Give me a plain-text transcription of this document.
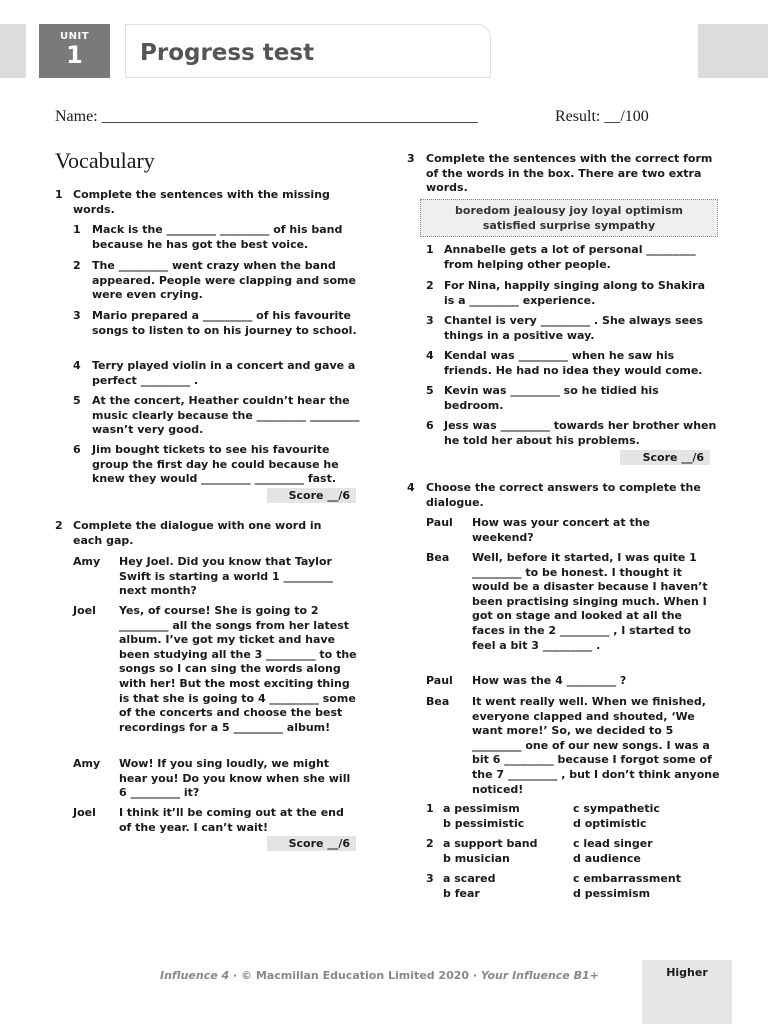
UNIT
1	Progress test
Name: _______________________________________________	Result: __/100
Vocabulary
1 Complete the sentences with the missing words.
1 Mack is the _________ _________ of his band because he has got the best voice.
2 The _________ went crazy when the band appeared. People were clapping and some were even crying.
3 Mario prepared a _________ of his favourite songs to listen to on his journey to school.
4 Terry played violin in a concert and gave a perfect _________ .
5 At the concert, Heather couldn’t hear the music clearly because the _________ _________ wasn’t very good.
6 Jim bought tickets to see his favourite group the first day he could because he knew they would _________ _________ fast.
Score __/6
2 Complete the dialogue with one word in each gap.
Amy Hey Joel. Did you know that Taylor Swift is starting a world 1 _________ next month?
Joel Yes, of course! She is going to 2 _________ all the songs from her latest album. I’ve got my ticket and have been studying all the 3 _________ to the songs so I can sing the words along with her! But the most exciting thing is that she is going to 4 _________ some of the concerts and choose the best recordings for a 5 _________ album!
Amy Wow! If you sing loudly, we might hear you! Do you know when she will 6 _________ it?
Joel I think it’ll be coming out at the end of the year. I can’t wait!
Score __/6
3 Complete the sentences with the correct form of the words in the box. There are two extra words.
boredom jealousy joy loyal optimism
satisfied surprise sympathy
1 Annabelle gets a lot of personal _________ from helping other people.
2 For Nina, happily singing along to Shakira is a _________ experience.
3 Chantel is very _________ . She always sees things in a positive way.
4 Kendal was _________ when he saw his friends. He had no idea they would come.
5 Kevin was _________ so he tidied his bedroom.
6 Jess was _________ towards her brother when he told her about his problems.
Score __/6
4 Choose the correct answers to complete the dialogue.
Paul How was your concert at the weekend?
Bea Well, before it started, I was quite 1 _________ to be honest. I thought it would be a disaster because I haven’t been practising singing much. When I got on stage and looked at all the faces in the 2 _________ , I started to feel a bit 3 _________ .
Paul How was the 4 _________ ?
Bea It went really well. When we finished, everyone clapped and shouted, ‘We want more!’ So, we decided to 5 _________ one of our new songs. I was a bit 6 _________ because I forgot some of the 7 _________ , but I don’t think anyone noticed!
1 a pessimism
b pessimistic
c sympathetic
d optimistic
2 a support band
b musician
c lead singer
d audience
3 a scared
b fear
c embarrassment
d pessimism
Influence 4 · © Macmillan Education Limited 2020 · Your Influence B1+	Higher
